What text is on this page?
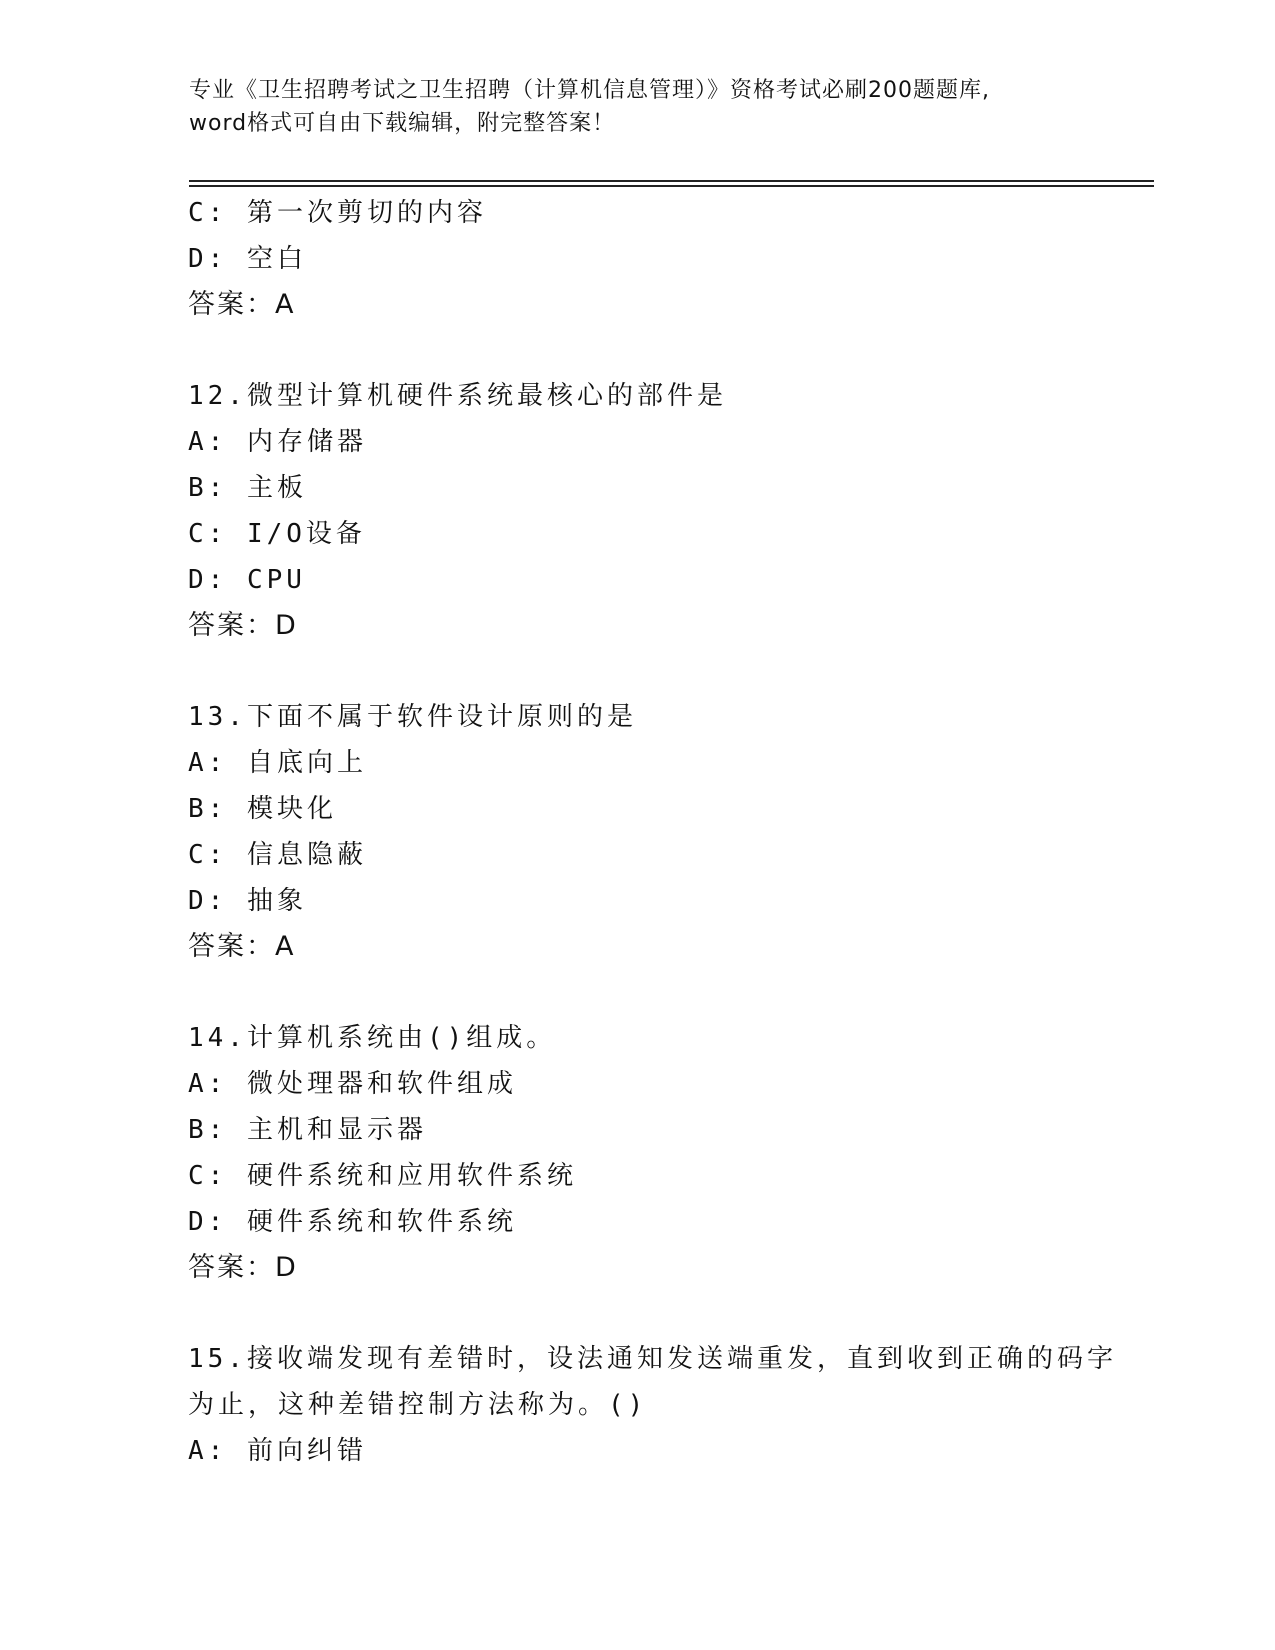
专业《卫生招聘考试之卫生招聘（计算机信息管理）》资格考试必刷200题题库,
word格式可自由下载编辑，附完整答案！
C: 第一次剪切的内容
D: 空白
答案：A
12.微型计算机硬件系统最核心的部件是
A: 内存储器
B: 主板
C: I/O设备
D: CPU
答案：D
13.下面不属于软件设计原则的是
A: 自底向上
B: 模块化
C: 信息隐蔽
D: 抽象
答案：A
14.计算机系统由()组成。
A: 微处理器和软件组成
B: 主机和显示器
C: 硬件系统和应用软件系统
D: 硬件系统和软件系统
答案：D
15.接收端发现有差错时，设法通知发送端重发，直到收到正确的码字
为止，这种差错控制方法称为。()
A: 前向纠错
